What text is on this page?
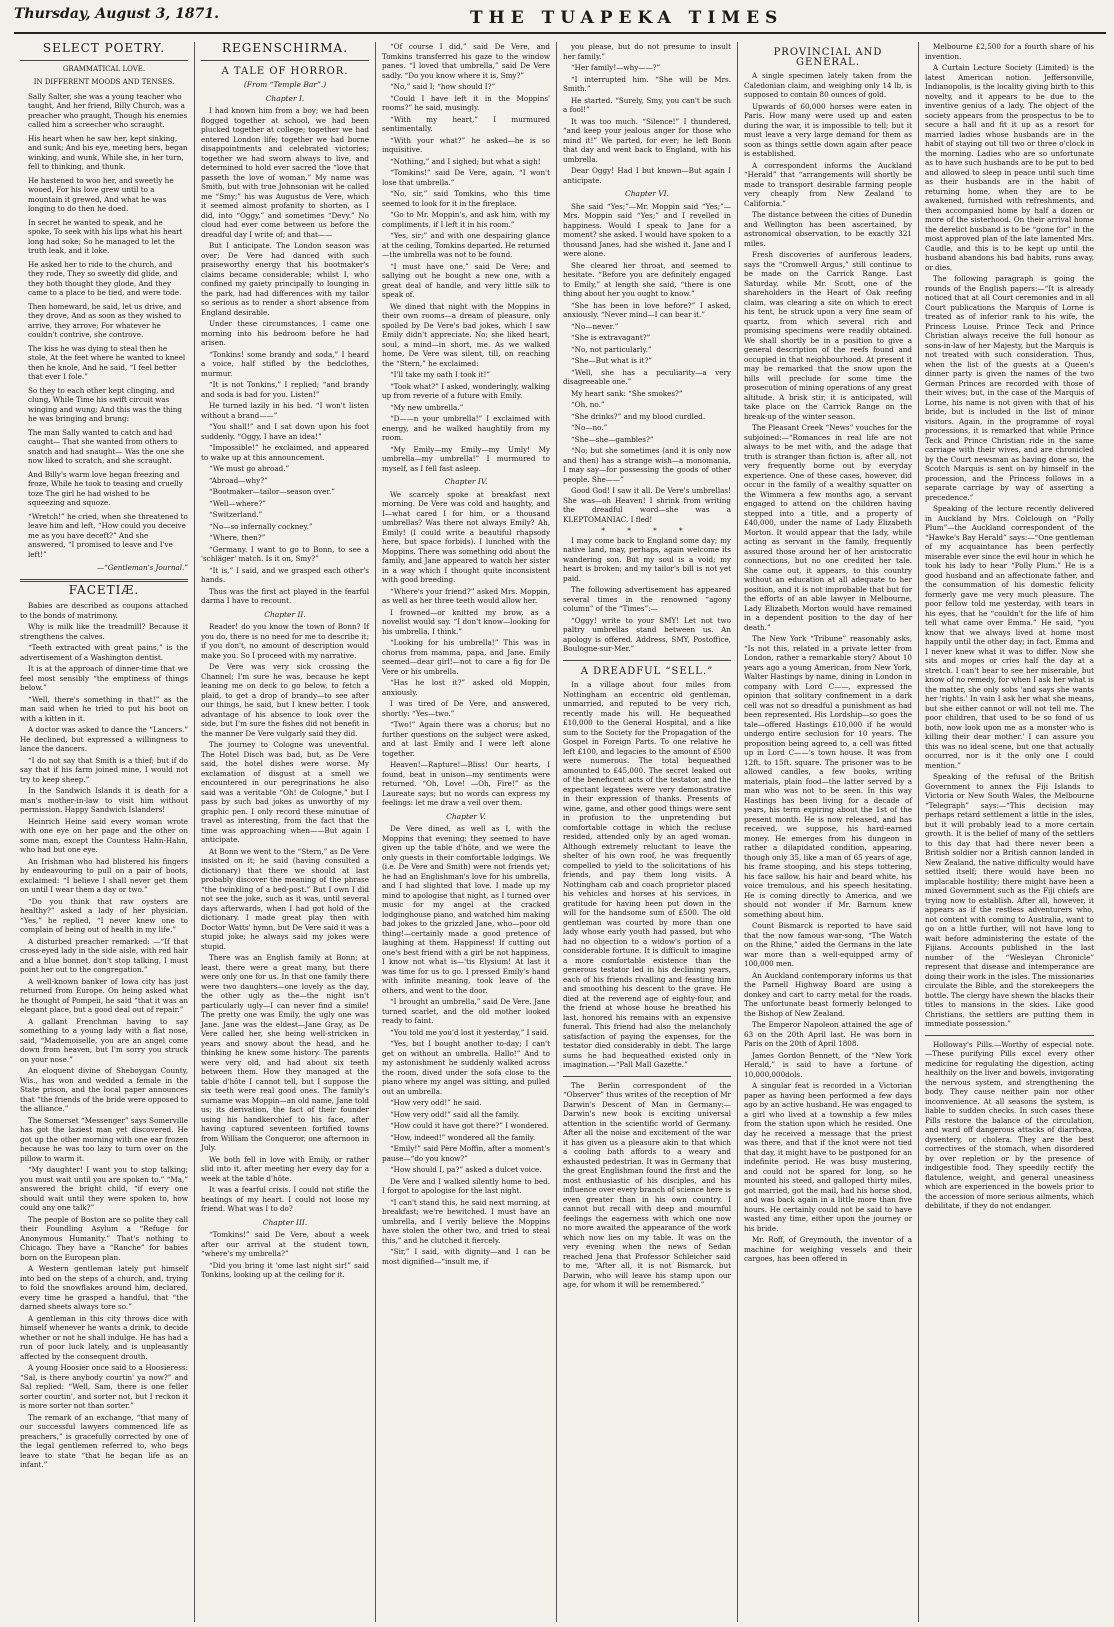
Thursday, August 3, 1871.	THE TUAPEKA TIMES
SELECT POETRY.
GRAMMATICAL LOVE.
IN DIFFERENT MOODS AND TENSES.

Sally Salter, she was a young teacher who taught, And her friend, Billy Church, was a preacher who praught, Though his enemies called him a screecher who scraught.

His heart when he saw her, kept sinking, and sunk; And his eye, meeting hers, began winking, and wunk, While she, in her turn, fell to thinking, and thunk.

He hastened to woo her, and sweetly he wooed, For his love grew until to a mountain it grewed, And what he was longing to do then he doed.

In secret he wanted to speak, and he spoke, To seek with his lips what his heart long had soke; So he managed to let the truth leak, and it loke.

He asked her to ride to the church, and they rode, They so sweetly did glide, and they both thought they glode, And they came to a place to be tied, and were tode.

Then homeward, he said, let us drive, and they drove, And as soon as they wished to arrive, they arrove; For whatever he couldn't contrive, she controve.

The kiss he was dying to steal then he stole, At the feet where he wanted to kneel then he knole, And he said, “I feel better that ever I fole.”

So they to each other kept clinging, and clung, While Time his swift circuit was winging and wung; And this was the thing he was bringing and brung:

The man Sally wanted to catch and had caught— That she wanted from others to snatch and had snaught— Was the one she now liked to scratch, and she scraught.

And Billy's warm love began freezing and froze, While he took to teasing and cruelly toze The girl he had wished to be squeezing and squoze.

“Wretch!” he cried, when she threatened to leave him and left, “How could you deceive me as you have deceft?” And she answered, “I promised to leave and I've left!”

—“Gentleman's Journal.”
FACETIÆ.

Babies are described as coupons attached to the bonds of matrimony.

Why is milk like the treadmill? Because it strengthens the calves.

“Teeth extracted with great pains,” is the advertisement of a Washington dentist.

It is at the approach of dinner-time that we feel most sensibly “the emptiness of things below.”

“Well, there's something in that!” as the man said when he tried to put his boot on with a kitten in it.

A doctor was asked to dance the “Lancers.” He declined, but expressed a willingness to lance the dancers.

“I do not say that Smith is a thief; but if do say that if his farm joined mine, I would not try to keep sheep.”

In the Sandwich Islands it is death for a man's mother-in-law to visit him without permission. Happy Sandwich Islanders!

Heinrich Heine said every woman wrote with one eye on her page and the other on some man, except the Countess Hahn-Hahn, who had but one eye.

An Irishman who had blistered his fingers by endeavouring to pull on a pair of boots, exclaimed: “I believe I shall never get them on until I wear them a day or two.”

“Do you think that raw oysters are healthy?” asked a lady of her physician. “Yes,” he replied, “I never knew one to complain of being out of health in my life.”

A disturbed preacher remarked: —“If that cross-eyed lady in the side aisle, with red hair and a blue bonnet, don't stop talking, I must point her out to the congregation.”

A well-known banker of Iowa city has just returned from Europe. On being asked what he thought of Pompeii, he said “that it was an elegant place, but a good deal out of repair.”

A gallant Frenchman having to say something to a young lady with a flat nose, said, “Mademoiselle, you are an angel come down from heaven, but I'm sorry you struck on your nose.”

An eloquent divine of Sheboygan County, Wis., has won and wedded a female in the State prison, and the local paper announces that “the friends of the bride were opposed to the alliance.”

The Somerset “Messenger” says Somerville has got the laziest man yet discovered. He got up the other morning with one ear frozen because he was too lazy to turn over on the pillow to warm it.

“My daughter! I want you to stop talking; you must wait until you are spoken to.” “Ma,” answered the bright child, “if every one should wait until they were spoken to, how could any one talk?”

The people of Boston are so polite they call their Foundling Asylum a “Refuge for Anonymous Humanity.” That's nothing to Chicago. They have a “Ranche” for babies born on the European plan.

A Western gentleman lately put himself into bed on the steps of a church, and, trying to fold the snowflakes around him, declared, every time he grasped a handful, that “the darned sheets always tore so.”

A gentleman in this city throws dice with himself whenever he wants a drink, to decide whether or not he shall indulge. He has had a run of poor luck lately, and is unpleasantly affected by the consequent drouth.

A young Hoosier once said to a Hoosieress: “Sal, is there anybody courtin' ya now?” and Sal replied: “Well, Sam, there is one feller sorter courtin', and sorter not, but I reckon it is more sorter not than sorter.”

The remark of an exchange, “that many of our successful lawyers commenced life as preachers,” is gracefully corrected by one of the legal gentlemen referred to, who begs leave to state “that he began life as an infant.”

REGENSCHIRMA.
A TALE OF HORROR.
(From “Temple Bar”.)
Chapter I.

I had known him from a boy; we had been flogged together at school, we had been plucked together at college; together we had entered London life; together we had borne disappointments and celebrated victories; together we had sworn always to live, and determined to hold ever sacred the “love that passeth the love of woman.” My name was Smith, but with true Johnsonian wit he called me “Smy;” his was Augustus de Vere, which it seemed almost profanity to shorten, as I did, into “Oggy,” and sometimes “Devy.” No cloud had ever come between us before the dreadful day I write of; and that——

But I anticipate. The London season was over; De Vere had danced with such praiseworthy energy that his bootmaker's claims became considerable; whilst I, who confined my gaiety principally to lounging in the park, had had differences with my tailor so serious as to render a short absence from England desirable.

Under these circumstances, I came one morning into his bedroom before he had arisen.

“Tonkins! some brandy and soda,” I heard a voice, half stifled by the bedclothes, murmur.

“It is not Tonkins,” I replied; “and brandy and soda is bad for you. Listen!”

He turned lazily in his bed. “I won't listen without a brand——”

“You shall!” and I sat down upon his foot suddenly. “Oggy, I have an idea!”

“Impossible!” he exclaimed, and appeared to wake up at this announcement.

“We must go abroad.”

“Abroad—why?”

“Bootmaker—tailor—season over.”

“Well—where?”

“Switzerland.”

“No—so infernally cockney.”

“Where, then?”

“Germany. I want to go to Bonn, to see a 'schläger' match. Is it on, Smy?”

“It is,” I said, and we grasped each other's hands.

Thus was the first act played in the fearful darma I have to recount.

Chapter II.

Reader! do you know the town of Bonn? If you do, there is no need for me to describe it; if you don't, no amount of description would make you. So I proceed with my narrative.

De Vere was very sick crossing the Channel; I'm sure he was, because he kept leaning me on deck to go below, to fetch a plaid, to get a drop of brandy—to see after our things, he said, but I knew better. I took advantage of his absence to look over the side, but I'm sure the fishes did not benefit in the manner De Vere vulgarly said they did.

The journey to Cologne was uneventful. The Hotel Disch was bad, but, as De Vere said, the hotel dishes were worse. My exclamation of disgust at a smell we encountered in our peregrinations he also said was a veritable “Oh! de Cologne,” but I pass by such bad jokes as unworthy of my graphic pen. I only record these minutiae of travel as interesting, from the fact that the time was approaching when——But again I anticipate.

At Bonn we went to the “Stern,” as De Vere insisted on it; he said (having consulted a dictionary) that there we should at last probably discover the meaning of the phrase “the twinkling of a bed-post.” But I own I did not see the joke, such as it was, until several days afterwards, when I had got hold of the dictionary. I made great play then with Doctor Watts' hymn, but De Vere said it was a stupid joke; he always said my jokes were stupid.

There was an English family at Bonn; at least, there were a great many, but there were only one for us. In that one family there were two daughters—one lovely as the day, the other ugly as the—the night isn't particularly ugly—I can never find a simile! The pretty one was Emily, the ugly one was Jane. Jane was the eldest—Jane Gray, as De Vere called her, she being well-stricken in years and snowy about the head, and he thinking he knew some history. The parents were very old, and had about six teeth between them. How they managed at the table d'hôte I cannot tell, but I suppose the six teeth were real good ones. The family's surname was Moppin—an old name, Jane told us; its derivation, the fact of their founder using his handkerchief to his face, after having captured seventeen fortified towns from William the Conqueror, one afternoon in July.

We both fell in love with Emily, or rather slid into it, after meeting her every day for a week at the table d'hôte.

It was a fearful crisis. I could not stifle the beatings of my heart. I could not loose my friend. What was I to do?

Chapter III.

“Tomkins!” said De Vere, about a week after our arrival at the student town, “where's my umbrella?”

“Did you bring it 'ome last night sir!” said Tonkins, looking up at the ceiling for it.

“Of course I did,” said De Vere, and Tomkins transferred his gaze to the window panes. “I loved that umbrella,” said De Vere sadly. “Do you know where it is, Smy?”

“No,” said I; “how should I?”

“Could I have left it in the Moppins' rooms?” he said, musingly.

“With my heart,” I murmured sentimentally.

“With your what?” he asked—he is so inquisitive.

“Nothing,” and I sighed; but what a sigh!

“Tomkins!” said De Vere, again, “I won't lose that umbrella.”

“No, sir,” said Tomkins, who this time seemed to look for it in the fireplace.

“Go to Mr. Moppin's, and ask him, with my compliments, if I left it in his room.”

“Yes, sir;” and with one despairing glance at the ceiling, Tomkins departed. He returned—the umbrella was not to be found.

“I must have one,” said De Vere; and sallying out he bought a new one, with a great deal of handle, and very little silk to speak of.

We dined that night with the Moppins in their own rooms—a dream of pleasure, only spoiled by De Vere's bad jokes, which I saw Emily didn't appreciate. No; she liked heart, soul, a mind—in short, me. As we walked home, De Vere was silent, till, on reaching the “Stern,” he exclaimed:

“I'll take my oath I took it!”

“Took what?” I asked, wonderingly, walking up from reverie of a future with Emily.

“My new umbrella.”

“D——n your umbrella!” I exclaimed with energy, and he walked haughtily from my room.

“My Emily—my Emily—my Umly! My umbrella—my umbrella!” I murmured to myself, as I fell fast asleep.

Chapter IV.

We scarcely spoke at breakfast next morning. De Vere was cold and haughty, and I—what cared I for him, or a thousand umbrellas? Was there not always Emily? Ah, Emily! (I could write a beautiful rhapsody here, but space forbids). I lunched with the Moppins. There was something odd about the family, and Jane appeared to watch her sister in a way which I thought quite inconsistent with good breeding.

“Where's your friend?” asked Mrs. Moppin, as well as her three teeth would allow her.

I frowned—or knitted my brow, as a novelist would say. “I don't know—looking for his umbrella, I think.”

“Looking for his umbrella!” This was in chorus from mamma, papa, and Jane. Emily seemed—dear girl!—not to care a fig for De Vere or his umbrella.

“Has he lost it?” asked old Moppin, anxiously.

I was tired of De Vere, and answered, shortly: “Yes—two.”

“Two!” Again there was a chorus; but no further questions on the subject were asked, and at last Emily and I were left alone together.

Heaven!—Rapture!—Bliss! Our hearts, I found, beat in unison—my sentiments were returned. “Oh, Love! —Oh, Fire!” as the Laureate says; but no words can express my feelings: let me draw a veil over them.

Chapter V.

De Vere dined, as well as I, with the Moppins that evening; they seemed to have given up the table d'hôte, and we were the only guests in their comfortable lodgings. We (i.e. De Vere and Smith) were not friends yet; he had an Englishman's love for his umbrella, and I had slighted that love. I made up my mind to apologise that night, as I turned over music for my angel at the cracked lodginghouse piano, and watched him making bad jokes to the grizzled Jane, who—poor old thing!—certainly made a good pretence of laughing at them. Happiness! If cutting out one's best friend with a girl be not happiness, I know not what is—'tis Elysium! At last it was time for us to go. I pressed Emily's hand with infinite meaning, took leave of the others, and went to the door.

“I brought an umbrella,” said De Vere. Jane turned scarlet, and the old mother looked ready to faint.

“You told me you'd lost it yesterday,” I said.

“Yes, but I bought another to-day; I can't get on without an umbrella. Hallo!” And to my astonishment he suddenly walked across the room, dived under the sofa close to the piano where my angel was sitting, and pulled out an umbrella.

“How very odd!” he said.

“How very odd!” said all the family.

“How could it have got there?” I wondered.

“How, indeed!” wondered all the family.

“Emily!” said Père Moffin, after a moment's pause—“do you know?”

“How should I, pa?” asked a dulcet voice.

De Vere and I walked silently home to bed. I forgot to apologise for the last night.

“I can't stand this, he said next morning, at breakfast; we're bewitched. I must have an umbrella, and I verily believe the Moppins have stolen the other two, and tried to steal this,” and he clutched it fiercely.

“Sir,” I said, with dignity—and I can be most dignified—“insult me, if

you please, but do not presume to insult her family.”

“Her family!—why——?”

“I interrupted him. “She will be Mrs. Smith.”

He started. “Surely, Smy, you can't be such a fool!”

It was too much. “Silence!” I thundered, “and keep your jealous anger for those who mind it!” We parted, for ever; he left Bonn that day and went back to England, with his umbrella.

Dear Oggy! Had I but known—But again I anticipate.

Chapter VI.

She said “Yes;”—Mr. Moppin said “Yes;”—Mrs. Moppin said “Yes;” and I revelled in happiness. Would I speak to Jane for a moment? she asked. I would have spoken to a thousand Janes, had she wished it. Jane and I were alone.

She cleared her throat, and seemed to hesitate. “Before you are definitely engaged to Emily,” at length she said, “there is one thing about her you ought to know.”

“She has been in love before?” I asked, anxiously. “Never mind—I can bear it.”

“No—never.”

“She is extravagant?”

“No, not particularly.”

“She—But what is it?”

“Well, she has a peculiarity—a very disagreeable one.”

My heart sank: “She smokes?”

“Oh, no.”

“She drinks?” and my blood curdled.

“No—no.”

“She—she—gambles?”

“No; but she sometimes (and it is only now and then) has a strange wish—a monomania, I may say—for possessing the goods of other people. She——”

Good God! I saw it all. De Vere's umbrellas! She was—oh Heaven! I shrink from writing the dreadful word—she was a KLEPTOMANIAC. I fled!

* * * *

I may come back to England some day; my native land, may, perhaps, again welcome its wandering son. But my soul is a void; my heart is broken; and my tailor's bill is not yet paid.

The following advertisement has appeared several times in the renowned “agony column” of the “Times”:—

“Oggy! write to your SMY! Let not two paltry umbrellas stand between us. An apology is offered. Address, SMY, Postoffice, Boulogne-sur-Mer.”

A DREADFUL “SELL.”

In a village about four miles from Nottingham an eccentric old gentleman, unmarried, and reputed to be very rich, recently made his will. He bequeathed £10,000 to the General Hospital, and a like sum to the Society for the Propagation of the Gospel in Foreign Parts. To one relative he left £100, and legacies to the amount of £500 were numerous. The total bequeathed amounted to £45,000. The secret leaked out of the beneficent acts of the testator, and the expectant legatees were very demonstrative in their expression of thanks. Presents of wine, game, and other good things were sent in profusion to the unpretending but comfortable cottage in which the recluse resided, attended only by an aged woman. Although extremely reluctant to leave the shelter of his own roof, he was frequently compelled to yield to the solicitations of his friends, and pay them long visits. A Nottingham cab and coach proprietor placed his vehicles and horses at his services, in gratitude for having been put down in the will for the handsome sum of £500. The old gentleman was courted by more than one lady whose early youth had passed, but who had no objection to a widow's portion of a considerable fortune. It is difficult to imagine a more comfortable existence than the generous testator led in his declining years, each of his friends rivalling and feasting him and smoothing his descent to the grave. He died at the reverend age of eighty-four, and the friend at whose house he breathed his last, honored his remains with an expensive funeral. This friend had also the melancholy satisfaction of paying the expenses, for the testator died considerably in debt. The large sums he had bequeathed existed only in imagination.—“Pall Mall Gazette.”

The Berlin correspondent of the “Observer” thus writes of the reception of Mr Darwin's Descent of Man in Germany:—Darwin's new book is exciting universal attention in the scientific world of Germany. After all the noise and excitement of the war it has given us a pleasure akin to that which a cooling bath affords to a weary and exhausted pedestrian. It was in Germany that the great Englishman found the first and the most enthusiastic of his disciples, and his influence over every branch of science here is even greater than in his own country. I cannot but recall with deep and mournful feelings the eagerness with which one now no more awaited the appearance of the work which now lies on my table. It was on the very evening when the news of Sedan reached Jena that Professor Schleicher said to me, “After all, it is not Bismarck, but Darwin, who will leave his stamp upon our age, for whom it will be remembered.”

PROVINCIAL AND GENERAL.

A single specimen lately taken from the Caledonian claim, and weighing only 14 lb, is supposed to contain 80 ounces of gold.

Upwards of 60,000 horses were eaten in Paris. How many were used up and eaten during the war, it is impossible to tell; but it must leave a very large demand for them as soon as things settle down again after peace is established.

A correspondent informs the Auckland “Herald” that “arrangements will shortly be made to transport desirable farming people very cheaply from New Zealand to California.”

The distance between the cities of Dunedin and Wellington has been ascertained, by astronomical observation, to be exactly 321 miles.

Fresh discoveries of auriferous leaders, says the “Cromwell Argus,” still continue to be made on the Carrick Range. Last Saturday, while Mr. Scott, one of the shareholders in the Heart of Oak reefing claim, was clearing a site on which to erect his tent, he struck upon a very fine seam of quartz, from which several rich and promising specimens were readily obtained. We shall shortly be in a position to give a general description of the reefs found and occupied in that neighbourhood. At present it may be remarked that the snow upon the hills will preclude for some time the prosecution of mining operations of any great altitude. A brisk stir, it is anticipated, will take place on the Carrick Range on the break-up of the winter season.

The Pleasant Creek “News” vouches for the subjoined:—“Romances in real life are not always to be met with, and the adage that truth is stranger than fiction is, after all, not very frequently borne out by everyday experience. One of these cases, however, did occur in the family of a wealthy squatter on the Wimmera a few months ago, a servant engaged to attend on the children having stepped into a title, and a property of £40,000, under the name of Lady Elizabeth Morton. It would appear that the lady, while acting as servant in the family, frequently assured those around her of her aristocratic connections, but no one credited her tale. She came out, it appears, to this country without an education at all adequate to her position, and it is not improbable that but for the efforts of an able lawyer in Melbourne, Lady Elizabeth Morton would have remained in a dependent position to the day of her death.”

The New York “Tribune” reasonably asks, “Is not this, related in a private letter from London, rather a remarkable story? About 10 years ago a young American, from New York, Walter Hastings by name, dining in London in company with Lord C——, expressed the opinion that solitary confinement in a dark cell was not so dreadful a punishment as had been represented. His Lordship—so goes the tale—offered Hastings £10,000 if he would undergo entire seclusion for 10 years. The proposition being agreed to, a cell was fitted up in Lord C——'s town house. It was from 12ft. to 15ft. square. The prisoner was to be allowed candles, a few books, writing materials, plain food—the latter served by a man who was not to be seen. In this way Hastings has been living for a decade of years, his term expiring about the 1st of the present month. He is now released, and has received, we suppose, his hard-earned money. He emerges from his dungeon in rather a dilapidated condition, appearing, though only 35, like a man of 65 years of age, his frame stooping, and his steps tottering, his face sallow, his hair and beard white, his voice tremulous, and his speech hesitating. He is coming directly to America, and we should not wonder if Mr. Barnum knew something about him.

Count Bismarck is reported to have said that the now famous war-song, “The Watch on the Rhine,” aided the Germans in the late war more than a well-equipped army of 100,000 men.

An Auckland contemporary informs us that the Parnell Highway Board are using a donkey and cart to carry metal for the roads. The unfortunate beast formerly belonged to the Bishop of New Zealand.

The Emperor Napoleon attained the age of 63 on the 20th April last. He was born in Paris on the 20th of April 1808.

James Gordon Bennett, of the “New York Herald,” is said to have a fortune of 10,000,000dols.

A singular feat is recorded in a Victorian paper as having been performed a few days ago by an active husband. He was engaged to a girl who lived at a township a few miles from the station upon which he resided. One day he received a message that the priest was there, and that if the knot were not tied that day, it might have to be postponed for an indefinite period. He was busy mustering, and could not be spared for long, so he mounted his steed, and galloped thirty miles, got married, got the mail, had his horse shod, and was back again in a little more than five hours. He certainly could not be said to have wasted any time, either upon the journey or his bride.

Mr. Roff, of Greymouth, the inventor of a machine for weighing vessels and their cargoes, has been offered in

Melbourne £2,500 for a fourth share of his invention.

A Curtain Lecture Society (Limited) is the latest American notion. Jeffersonville, Indianopolis, is the locality giving birth to this novelty, and it appears to be due to the inventive genius of a lady. The object of the society appears from the prospectus to be to secure a hall and fit it up as a resort for married ladies whose husbands are in the habit of staying out till two or three o'clock in the morning. Ladies who are so unfortunate as to have such husbands are to be put to bed and allowed to sleep in peace until such time as their husbands are in the habit of returning home, when they are to be awakened, furnished with refreshments, and then accompanied home by half a dozen or more of the sisterhood. On their arrival home the derelict husband is to be “gone for” in the most approved plan of the late lamented Mrs. Caudle, and this is to be kept up until the husband abandons his bad habits, runs away, or dies.

The following paragraph is going the rounds of the English papers:—“It is already noticed that at all Court ceremonies and in all Court publications the Marquis of Lorne is treated as of inferior rank to his wife, the Princess Louise. Prince Teck and Prince Christian always receive the full honour as sons-in-law of her Majesty, but the Marquis is not treated with such consideration. Thus, when the list of the guests at a Queen's dinner party is given the names of the two German Princes are recorded with those of their wives; but, in the case of the Marquis of Lorne, his name is not given with that of his bride, but is included in the list of minor visitors. Again, in the programme of royal processions, it is remarked that while Prince Teck and Prince Christian ride in the same carriage with their wives, and are chronicled by the Court newsman as having done so, the Scotch Marquis is sent on by himself in the procession, and the Princess follows in a separate carriage by way of asserting a precedence.”

Speaking of the lecture recently delivered in Auckland by Mrs. Colclough on “Polly Plum”—the Auckland correspondent of the “Hawke's Bay Herald” says:—“One gentleman of my acquaintance has been perfectly miserable ever since the evil hour in which he took his lady to hear “Polly Plum.” He is a good husband and an affectionate father, and the consummation of his domestic felicity formerly gave me very much pleasure. The poor fellow told me yesterday, with tears in his eyes, that he “couldn't for the life of him tell what came over Emma.” He said, “you know that we always lived at home most happily until the other day; in fact, Emma and I never knew what it was to differ. Now she sits and mopes or cries half the day at a stretch. I can't bear to see her miserable, but know of no remedy, for when I ask her what is the matter, she only sobs 'and says she wants her 'rights.' In vain I ask her what she means, but she either cannot or will not tell me. The poor children, that used to be so fond of us both, now look upon me as a monster who is killing their dear mother.' I can assure you this was no ideal scene, but one that actually occurred, nor is it the only one I could mention.”

Speaking of the refusal of the British Government to annex the Fiji Islands to Victoria or New South Wales, the Melbourne “Telegraph” says:—“This decision may perhaps retard settlement a little in the isles, but it will probably lead to a more certain growth. It is the belief of many of the settlers to this day that had there never been a British soldier nor a British cannon landed in New Zealand, the native difficulty would have settled itself; there would have been no implacable hostility; there might have been a mixed Government such as the Fiji chiefs are trying now to establish. After all, however, it appears as if the restless adventurers who, not content with coming to Australia, want to go on a little further, will not have long to wait before administering the estate of the Fijians. Accounts published in the last number of the “Wesleyan Chronicle” represent that disease and intemperance are doing their work in the isles. The missionaries circulate the Bible, and the storekeepers the bottle. The clergy have shewn the blacks their titles to mansions in the skies. Like good Christians, the settlers are putting them in immediate possession.”

Holloway's Pills.—Worthy of especial note.—These purifying Pills excel every other medicine for regulating the digestion, acting healthily on the liver and bowels, invigorating the nervous system, and strengthening the body. They cause neither pain nor other inconvenience. At all seasons the system, is liable to sudden checks. In such cases these Pills restore the balance of the circulation, and ward off dangerous attacks of diarrhœa, dysentery, or cholera. They are the best correctives of the stomach, when disordered by over repletion or by the presence of indigestible food. They speedily rectify the flatulence, weight, and general uneasiness which are experienced in the bowels prior to the accession of more serious ailments, which debilitate, if they do not endanger.
